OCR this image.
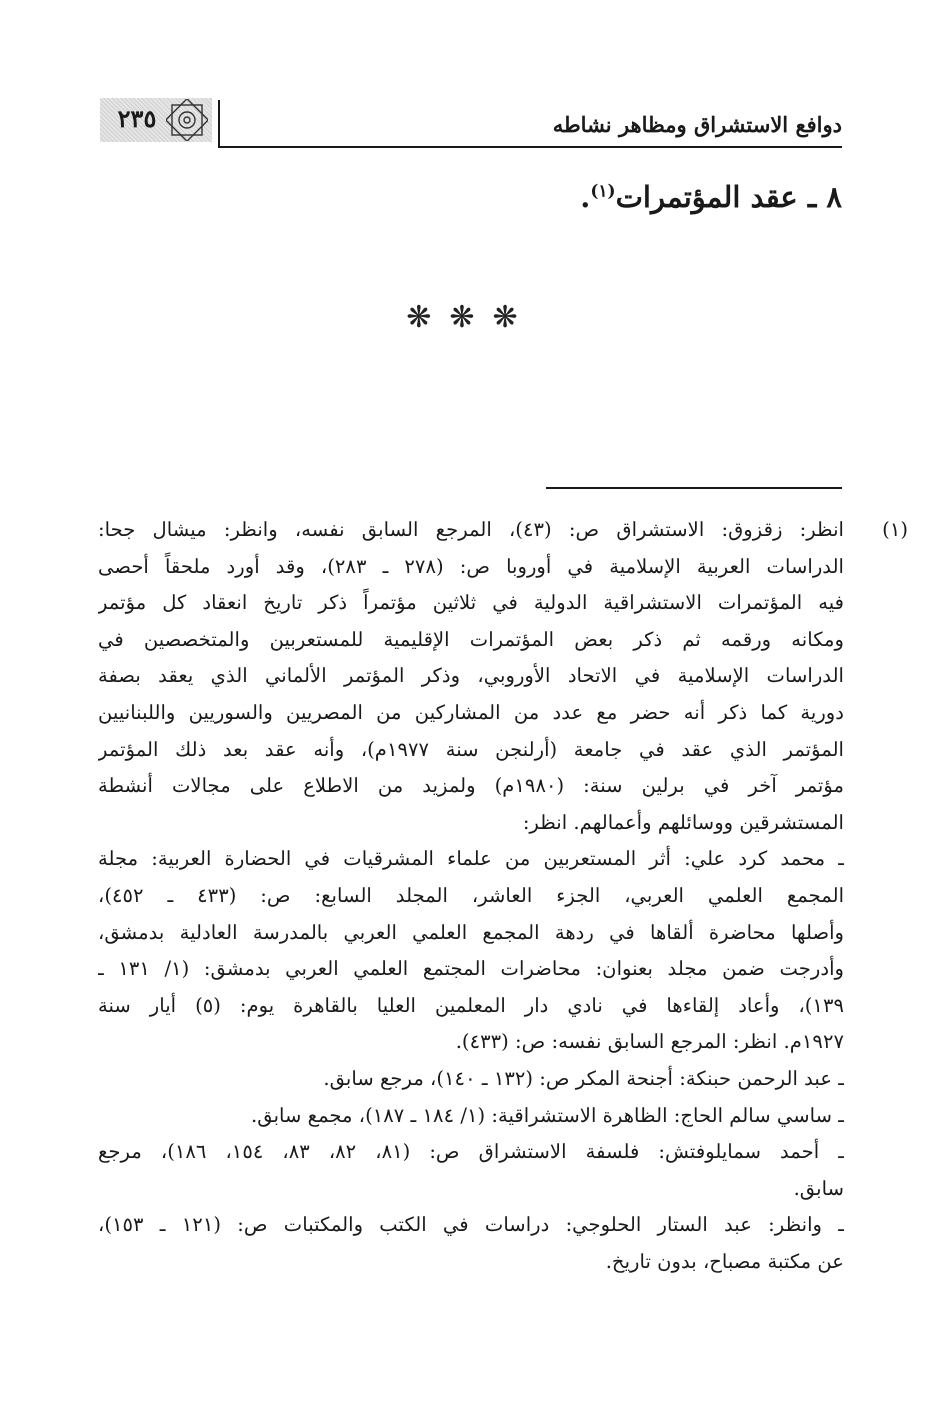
٢٣٥	دوافع الاستشراق ومظاهر نشاطه
٨ ـ عقد المؤتمرات$^{(١)}$.
❋❋❋
(١)
انظر: زقزوق: الاستشراق ص: (٤٣)، المرجع السابق نفسه، وانظر: ميشال جحا:
الدراسات العربية الإسلامية في أوروبا ص: (٢٧٨ ـ ٢٨٣)، وقد أورد ملحقاً أحصى
فيه المؤتمرات الاستشراقية الدولية في ثلاثين مؤتمراً ذكر تاريخ انعقاد كل مؤتمر
ومكانه ورقمه ثم ذكر بعض المؤتمرات الإقليمية للمستعربين والمتخصصين في
الدراسات الإسلامية في الاتحاد الأوروبي، وذكر المؤتمر الألماني الذي يعقد بصفة
دورية كما ذكر أنه حضر مع عدد من المشاركين من المصريين والسوريين واللبنانيين
المؤتمر الذي عقد في جامعة (أرلنجن سنة ١٩٧٧م)، وأنه عقد بعد ذلك المؤتمر
مؤتمر آخر في برلين سنة: (١٩٨٠م) ولمزيد من الاطلاع على مجالات أنشطة
المستشرقين ووسائلهم وأعمالهم. انظر:
ـ محمد كرد علي: أثر المستعربين من علماء المشرقيات في الحضارة العربية: مجلة
المجمع العلمي العربي، الجزء العاشر، المجلد السابع: ص: (٤٣٣ ـ ٤٥٢)،
وأصلها محاضرة ألقاها في ردهة المجمع العلمي العربي بالمدرسة العادلية بدمشق،
وأدرجت ضمن مجلد بعنوان: محاضرات المجتمع العلمي العربي بدمشق: (١/ ١٣١ ـ
١٣٩)، وأعاد إلقاءها في نادي دار المعلمين العليا بالقاهرة يوم: (٥) أيار سنة
١٩٢٧م. انظر: المرجع السابق نفسه: ص: (٤٣٣).
ـ عبد الرحمن حبنكة: أجنحة المكر ص: (١٣٢ ـ ١٤٠)، مرجع سابق.
ـ ساسي سالم الحاج: الظاهرة الاستشراقية: (١/ ١٨٤ ـ ١٨٧)، مجمع سابق.
ـ أحمد سمايلوفتش: فلسفة الاستشراق ص: (٨١، ٨٢، ٨٣، ١٥٤، ١٨٦)، مرجع
سابق.
ـ وانظر: عبد الستار الحلوجي: دراسات في الكتب والمكتبات ص: (١٢١ ـ ١٥٣)،
عن مكتبة مصباح، بدون تاريخ.
